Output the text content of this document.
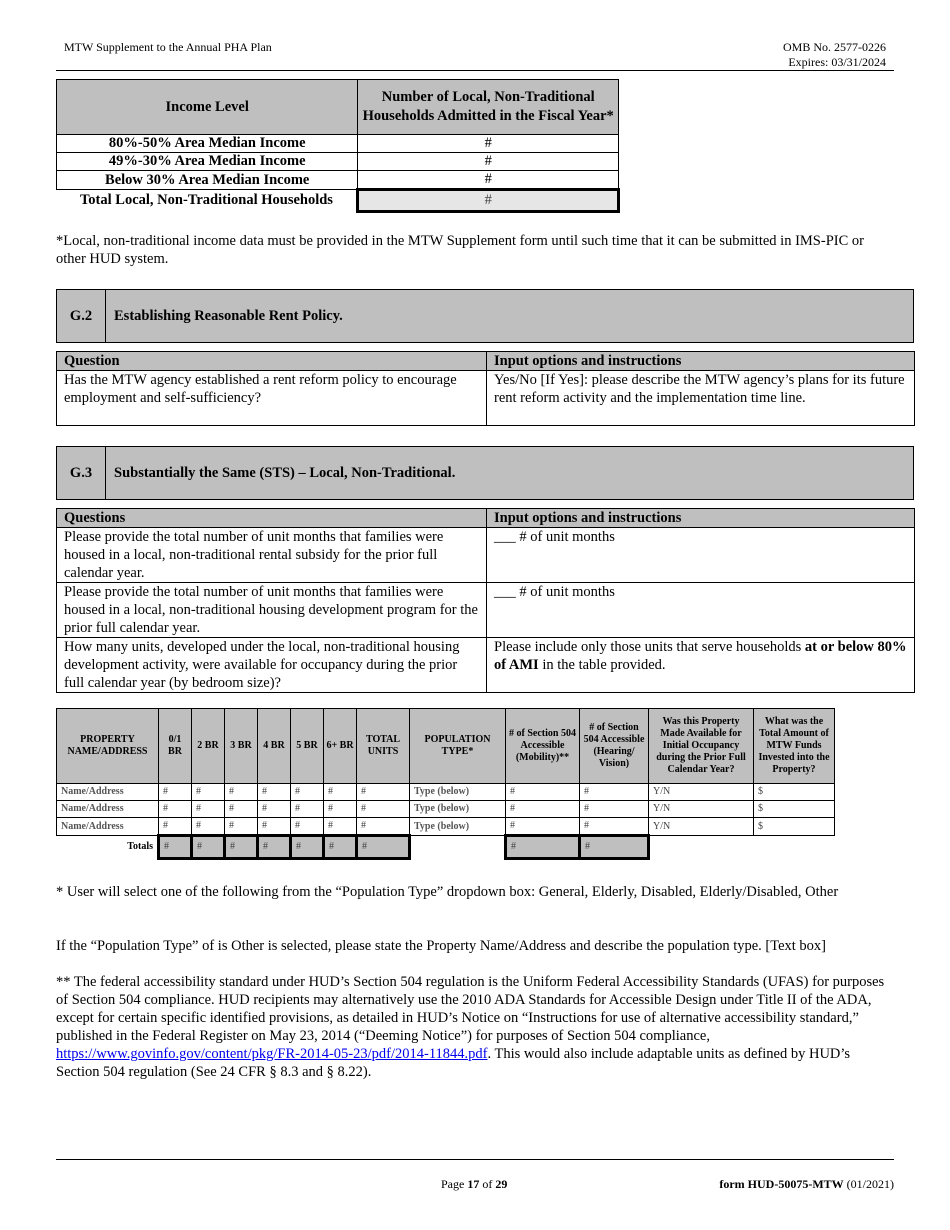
MTW Supplement to the Annual PHA Plan	OMB No. 2577-0226
Expires: 03/31/2024
Income Level	Number of Local, Non-Traditional Households Admitted in the Fiscal Year*
80%-50% Area Median Income	#
49%-30% Area Median Income	#
Below 30% Area Median Income	#
Total Local, Non-Traditional Households	#
*Local, non-traditional income data must be provided in the MTW Supplement form until such time that it can be submitted in IMS-PIC or other HUD system.
G.2	Establishing Reasonable Rent Policy.
Question	Input options and instructions
Has the MTW agency established a rent reform policy to encourage employment and self-sufficiency?	Yes/No [If Yes]: please describe the MTW agency’s plans for its future rent reform activity and the implementation time line.
G.3	Substantially the Same (STS) – Local, Non-Traditional.
Questions	Input options and instructions
Please provide the total number of unit months that families were housed in a local, non-traditional rental subsidy for the prior full calendar year.	___ # of unit months
Please provide the total number of unit months that families were housed in a local, non-traditional housing development program for the prior full calendar year.	___ # of unit months
How many units, developed under the local, non-traditional housing development activity, were available for occupancy during the prior full calendar year (by bedroom size)?	Please include only those units that serve households at or below 80% of AMI in the table provided.
PROPERTY NAME/ADDRESS	0/1 BR	2 BR	3 BR	4 BR	5 BR	6+ BR	TOTAL UNITS	POPULATION TYPE*	# of Section 504 Accessible (Mobility)**	# of Section 504 Accessible (Hearing/ Vision)	Was this Property Made Available for Initial Occupancy during the Prior Full Calendar Year?	What was the Total Amount of MTW Funds Invested into the Property?
Name/Address	#	#	#	#	#	#	#	Type (below)	#	#	Y/N	$
Name/Address	#	#	#	#	#	#	#	Type (below)	#	#	Y/N	$
Name/Address	#	#	#	#	#	#	#	Type (below)	#	#	Y/N	$
Totals	#	#	#	#	#	#	#		#	#		
* User will select one of the following from the “Population Type” dropdown box: General, Elderly, Disabled, Elderly/Disabled, Other
If the “Population Type” of is Other is selected, please state the Property Name/Address and describe the population type. [Text box]
** The federal accessibility standard under HUD’s Section 504 regulation is the Uniform Federal Accessibility Standards (UFAS) for purposes of Section 504 compliance. HUD recipients may alternatively use the 2010 ADA Standards for Accessible Design under Title II of the ADA, except for certain specific identified provisions, as detailed in HUD’s Notice on “Instructions for use of alternative accessibility standard,” published in the Federal Register on May 23, 2014 (“Deeming Notice”) for purposes of Section 504 compliance, https://www.govinfo.gov/content/pkg/FR-2014-05-23/pdf/2014-11844.pdf. This would also include adaptable units as defined by HUD’s Section 504 regulation (See 24 CFR § 8.3 and § 8.22).
Page 17 of 29	form HUD-50075-MTW (01/2021)
